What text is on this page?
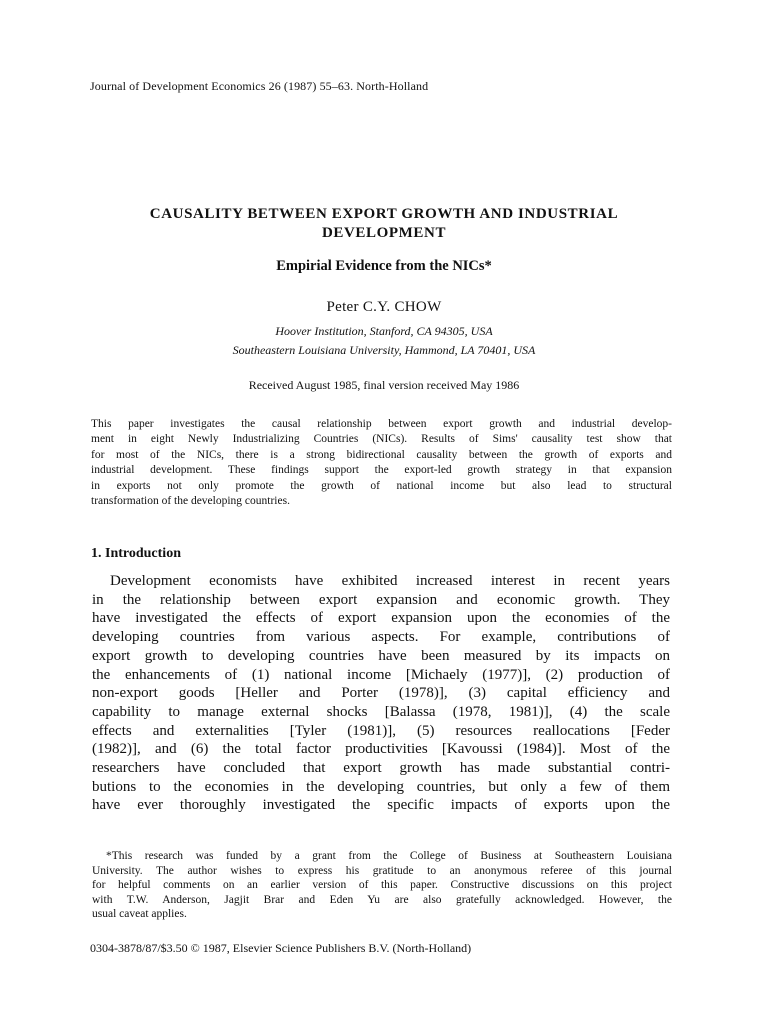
Journal of Development Economics 26 (1987) 55–63. North-Holland
CAUSALITY BETWEEN EXPORT GROWTH AND INDUSTRIAL
DEVELOPMENT
Empirial Evidence from the NICs*
Peter C.Y. CHOW
Hoover Institution, Stanford, CA 94305, USA
Southeastern Louisiana University, Hammond, LA 70401, USA
Received August 1985, final version received May 1986
This paper investigates the causal relationship between export growth and industrial develop-
ment in eight Newly Industrializing Countries (NICs). Results of Sims' causality test show that
for most of the NICs, there is a strong bidirectional causality between the growth of exports and
industrial development. These findings support the export-led growth strategy in that expansion
in exports not only promote the growth of national income but also lead to structural
transformation of the developing countries.
1. Introduction
Development economists have exhibited increased interest in recent years
in the relationship between export expansion and economic growth. They
have investigated the effects of export expansion upon the economies of the
developing countries from various aspects. For example, contributions of
export growth to developing countries have been measured by its impacts on
the enhancements of (1) national income [Michaely (1977)], (2) production of
non-export goods [Heller and Porter (1978)], (3) capital efficiency and
capability to manage external shocks [Balassa (1978, 1981)], (4) the scale
effects and externalities [Tyler (1981)], (5) resources reallocations [Feder
(1982)], and (6) the total factor productivities [Kavoussi (1984)]. Most of the
researchers have concluded that export growth has made substantial contri-
butions to the economies in the developing countries, but only a few of them
have ever thoroughly investigated the specific impacts of exports upon the
*This research was funded by a grant from the College of Business at Southeastern Louisiana
University. The author wishes to express his gratitude to an anonymous referee of this journal
for helpful comments on an earlier version of this paper. Constructive discussions on this project
with T.W. Anderson, Jagjit Brar and Eden Yu are also gratefully acknowledged. However, the
usual caveat applies.
0304-3878/87/$3.50 © 1987, Elsevier Science Publishers B.V. (North-Holland)
